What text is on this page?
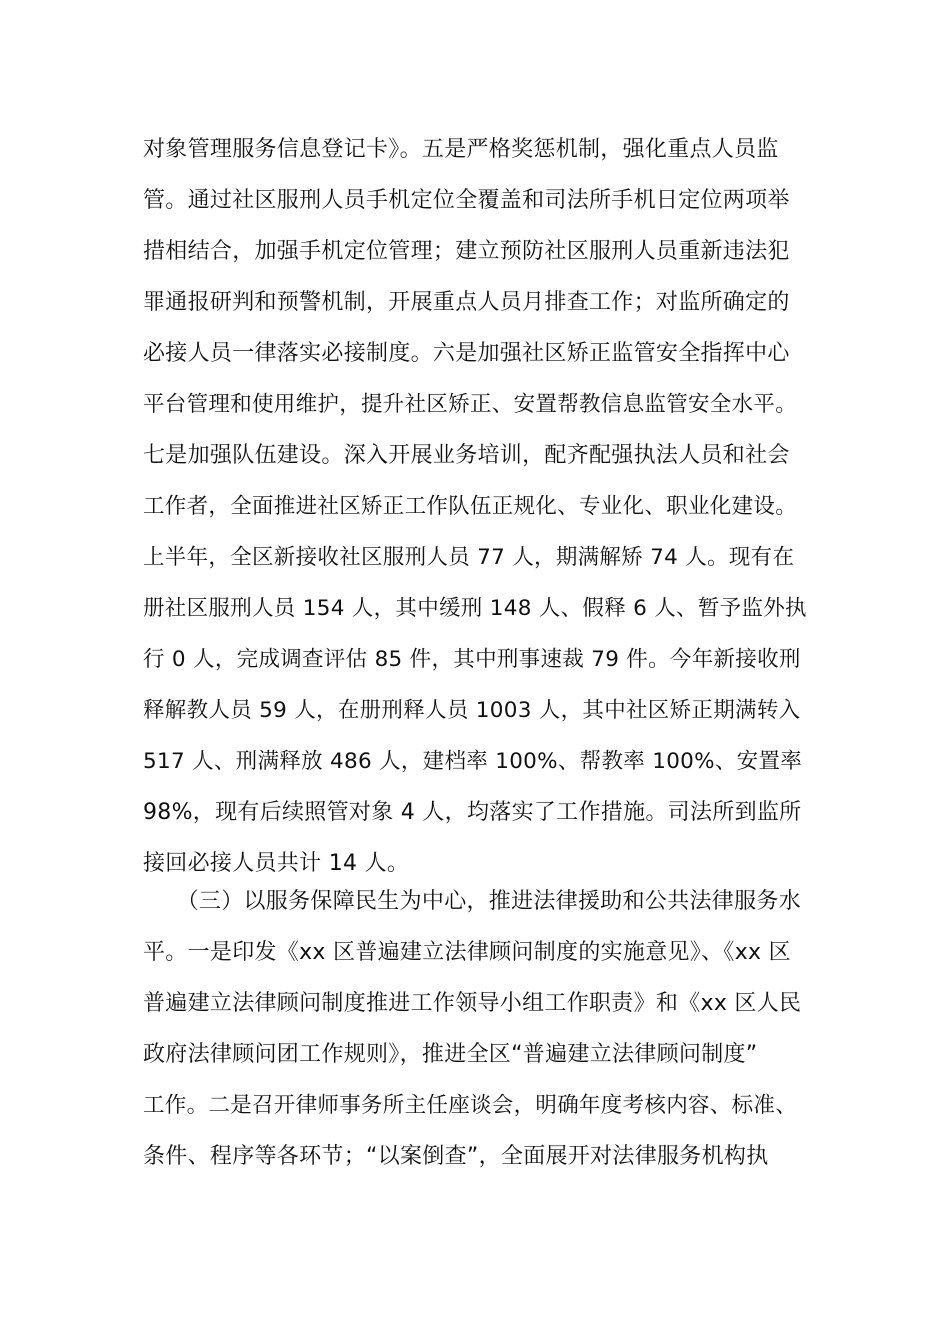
对象管理服务信息登记卡》。五是严格奖惩机制，强化重点人员监
管。通过社区服刑人员手机定位全覆盖和司法所手机日定位两项举
措相结合，加强手机定位管理；建立预防社区服刑人员重新违法犯
罪通报研判和预警机制，开展重点人员月排查工作；对监所确定的
必接人员一律落实必接制度。六是加强社区矫正监管安全指挥中心
平台管理和使用维护，提升社区矫正、安置帮教信息监管安全水平。
七是加强队伍建设。深入开展业务培训，配齐配强执法人员和社会
工作者，全面推进社区矫正工作队伍正规化、专业化、职业化建设。
上半年，全区新接收社区服刑人员 77 人，期满解矫 74 人。现有在
册社区服刑人员 154 人，其中缓刑 148 人、假释 6 人、暂予监外执
行 0 人，完成调查评估 85 件，其中刑事速裁 79 件。今年新接收刑
释解教人员 59 人，在册刑释人员 1003 人，其中社区矫正期满转入
517 人、刑满释放 486 人，建档率 100%、帮教率 100%、安置率
98%，现有后续照管对象 4 人，均落实了工作措施。司法所到监所
接回必接人员共计 14 人。
　　（三）以服务保障民生为中心，推进法律援助和公共法律服务水
平。一是印发《xx 区普遍建立法律顾问制度的实施意见》、《xx 区
普遍建立法律顾问制度推进工作领导小组工作职责》和《xx 区人民
政府法律顾问团工作规则》，推进全区“普遍建立法律顾问制度”
工作。二是召开律师事务所主任座谈会，明确年度考核内容、标准、
条件、程序等各环节；“以案倒查”，全面展开对法律服务机构执
